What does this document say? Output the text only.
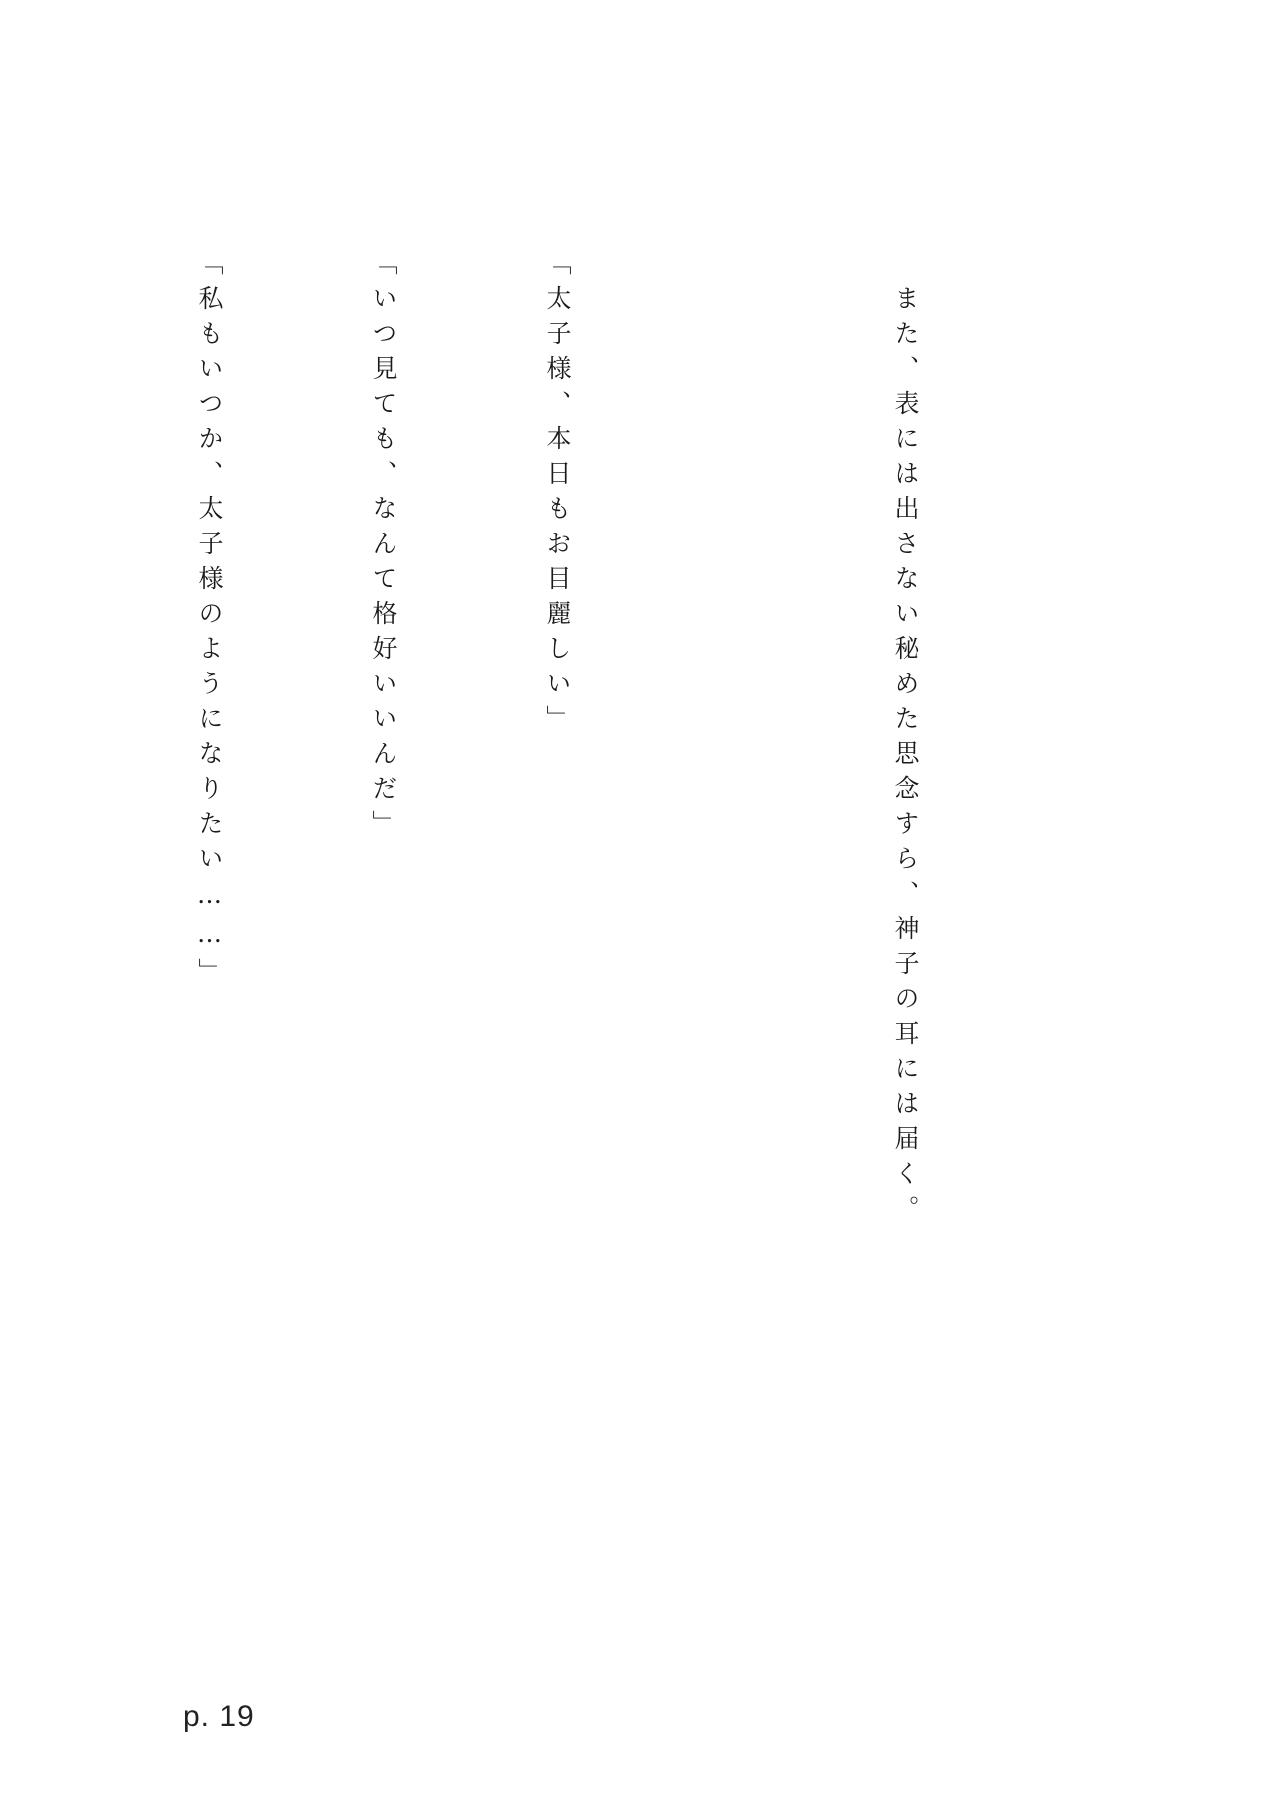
　また、表には出さない秘めた思念すら、神子の耳には届く。

「太子様、本日もお目麗しい」

「いつ見ても、なんて格好いいんだ」

「私もいつか、太子様のようになりたい……」

p. 19
